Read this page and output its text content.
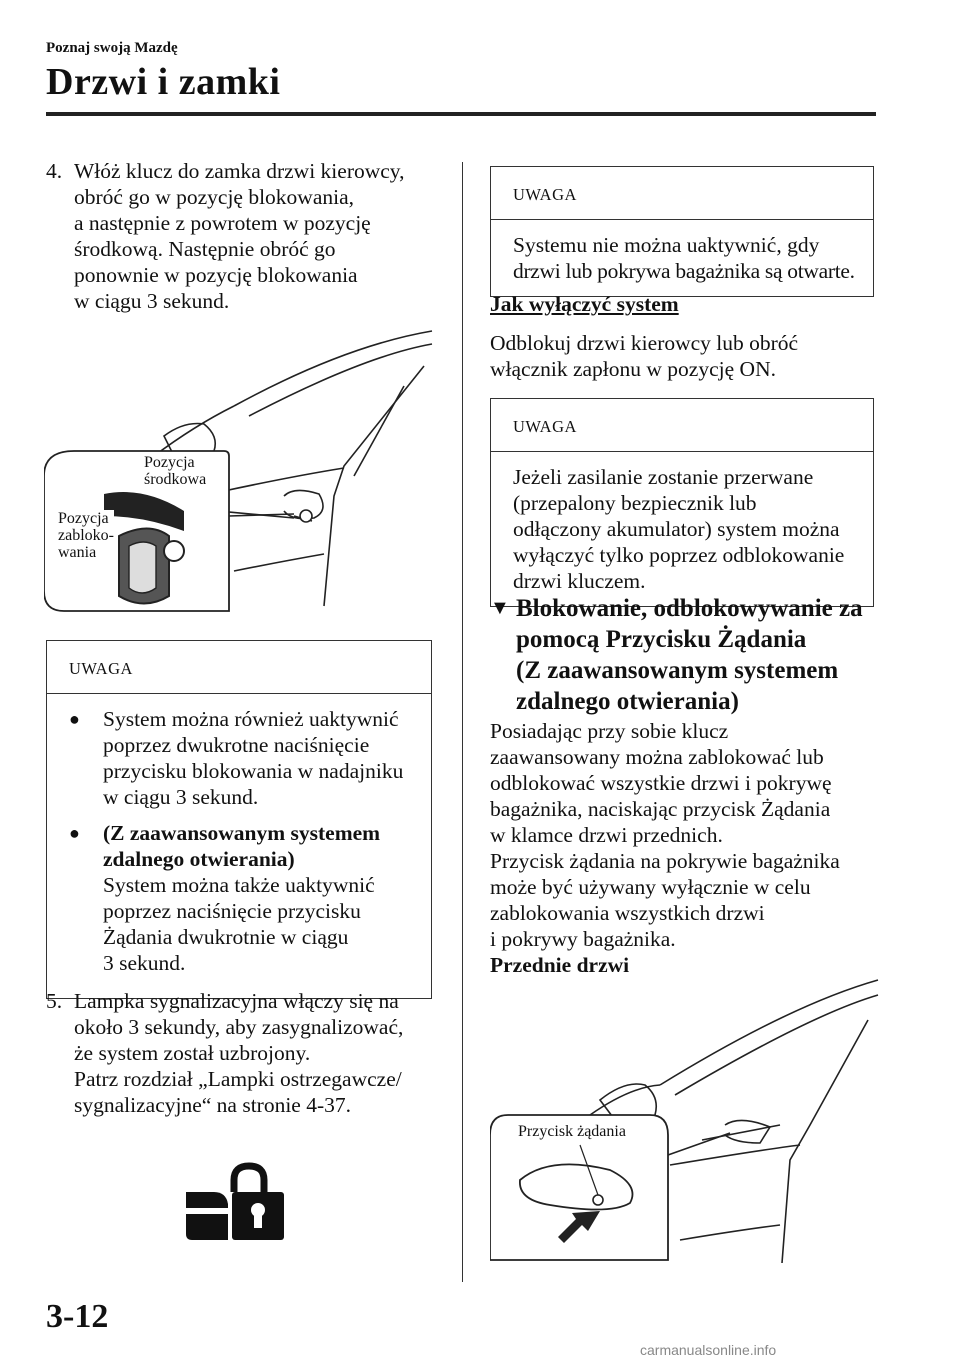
Poznaj swoją Mazdę
Drzwi i zamki
4. Włóż klucz do zamka drzwi kierowcy,
obróć go w pozycję blokowania,
a następnie z powrotem w pozycję
środkową. Następnie obróć go
ponownie w pozycję blokowania
w ciągu 3 sekund.
Pozycja
środkowa
Pozycja
zabloko-
wania
UWAGA
●	System można również uaktywnić
poprzez dwukrotne naciśnięcie
przycisku blokowania w nadajniku
w ciągu 3 sekund.
●	(Z zaawansowanym systemem
zdalnego otwierania)
System można także uaktywnić
poprzez naciśnięcie przycisku
Żądania dwukrotnie w ciągu
3 sekund.
5. Lampka sygnalizacyjna włączy się na
około 3 sekundy, aby zasygnalizować,
że system został uzbrojony.
Patrz rozdział „Lampki ostrzegawcze/
sygnalizacyjne“ na stronie 4-37.
UWAGA
Systemu nie można uaktywnić, gdy
drzwi lub pokrywa bagażnika są otwarte.
Jak wyłączyć system
Odblokuj drzwi kierowcy lub obróć
włącznik zapłonu w pozycję ON.
UWAGA
Jeżeli zasilanie zostanie przerwane
(przepalony bezpiecznik lub
odłączony akumulator) system można
wyłączyć tylko poprzez odblokowanie
drzwi kluczem.
▼ Blokowanie, odblokowywanie za
pomocą Przycisku Żądania
(Z zaawansowanym systemem
zdalnego otwierania)
Posiadając przy sobie klucz
zaawansowany można zablokować lub
odblokować wszystkie drzwi i pokrywę
bagażnika, naciskając przycisk Żądania
w klamce drzwi przednich.
Przycisk żądania na pokrywie bagażnika
może być używany wyłącznie w celu
zablokowania wszystkich drzwi
i pokrywy bagażnika.
Przednie drzwi
Przycisk żądania
3-12
carmanualsonline.info
